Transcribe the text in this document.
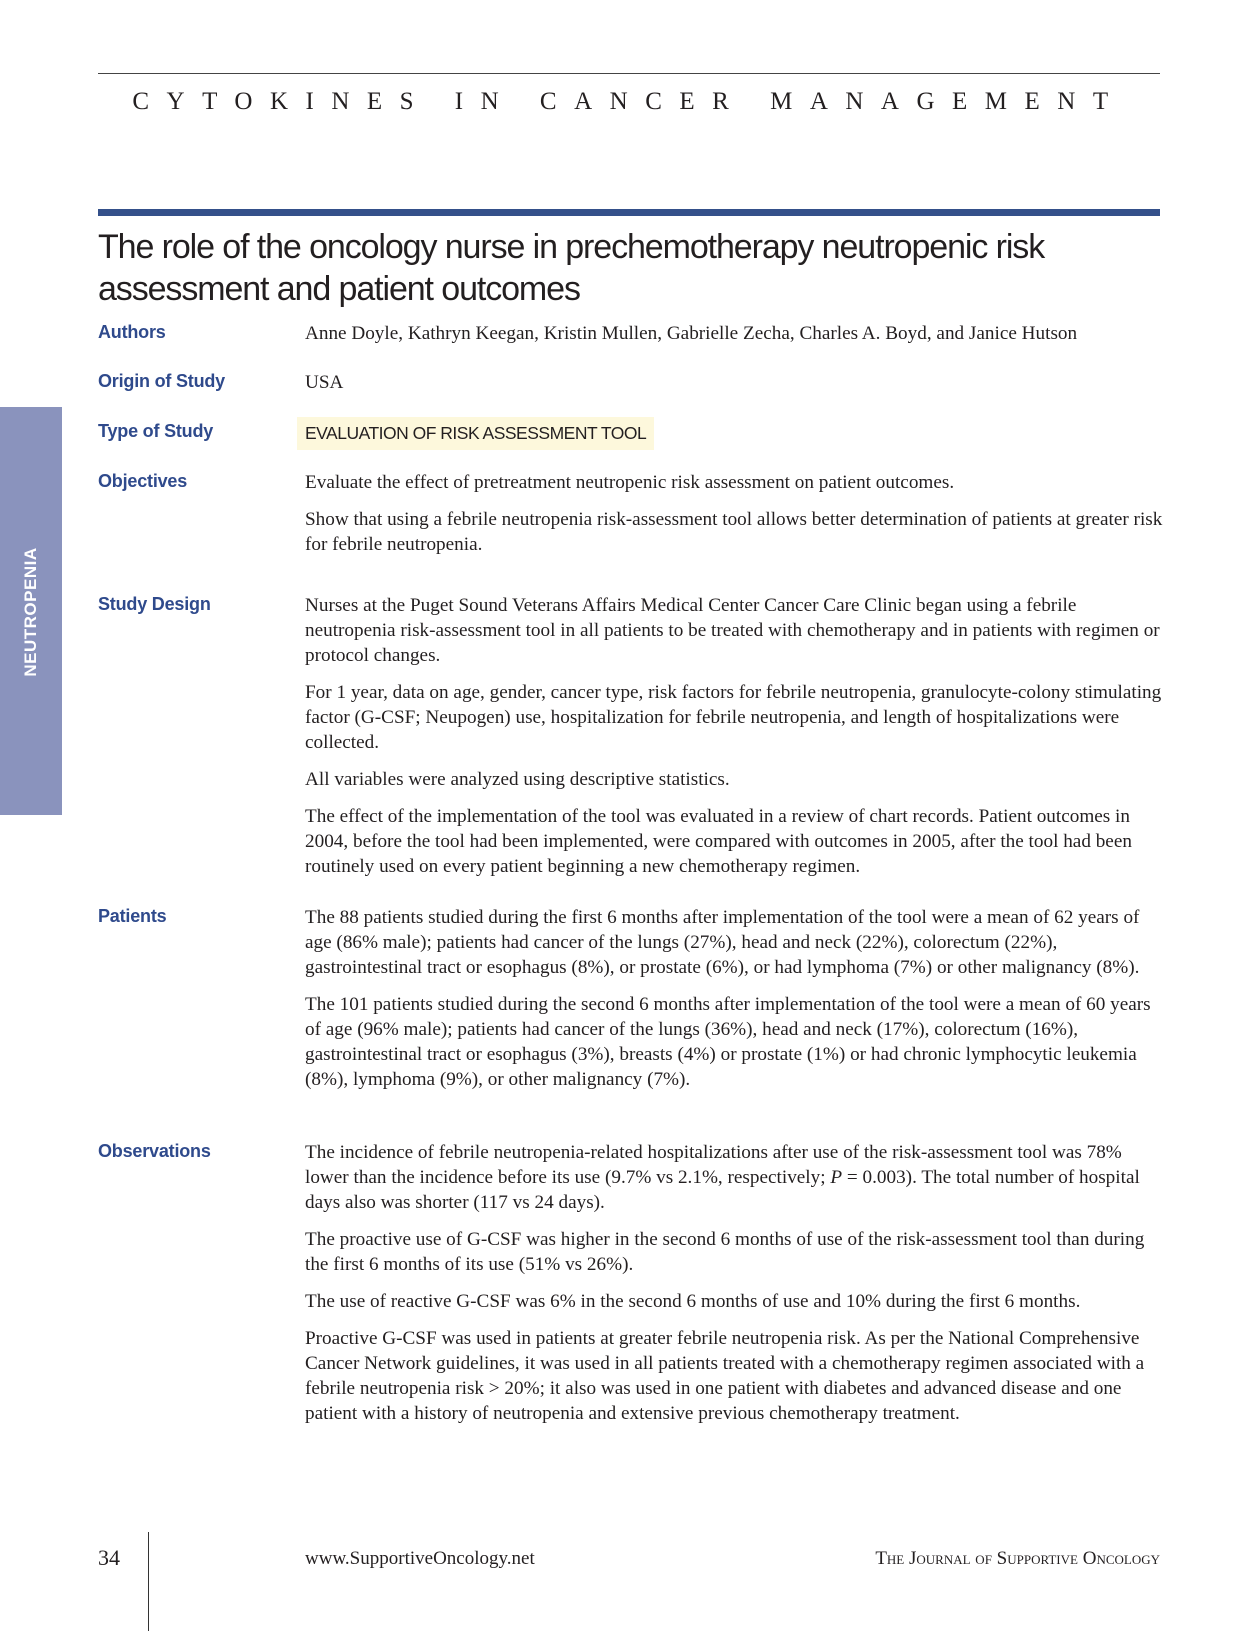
CYTOKINES IN CANCER MANAGEMENT
The role of the oncology nurse in prechemotherapy neutropenic risk assessment and patient outcomes
NEUTROPENIA
Authors	Anne Doyle, Kathryn Keegan, Kristin Mullen, Gabrielle Zecha, Charles A. Boyd, and Janice Hutson
Origin of Study	USA
Type of Study	EVALUATION OF RISK ASSESSMENT TOOL
Objectives	Evaluate the effect of pretreatment neutropenic risk assessment on patient outcomes.

Show that using a febrile neutropenia risk-assessment tool allows better determination of patients at greater risk for febrile neutropenia.

Study Design	Nurses at the Puget Sound Veterans Affairs Medical Center Cancer Care Clinic began using a febrile neutropenia risk-assessment tool in all patients to be treated with chemotherapy and in patients with regimen or protocol changes.

For 1 year, data on age, gender, cancer type, risk factors for febrile neutropenia, granulocyte-colony stimulating factor (G-CSF; Neupogen) use, hospitalization for febrile neutropenia, and length of hospitalizations were collected.

All variables were analyzed using descriptive statistics.

The effect of the implementation of the tool was evaluated in a review of chart records. Patient outcomes in 2004, before the tool had been implemented, were compared with outcomes in 2005, after the tool had been routinely used on every patient beginning a new chemotherapy regimen.

Patients	The 88 patients studied during the first 6 months after implementation of the tool were a mean of 62 years of age (86% male); patients had cancer of the lungs (27%), head and neck (22%), colorectum (22%), gastrointestinal tract or esophagus (8%), or prostate (6%), or had lymphoma (7%) or other malignancy (8%).

The 101 patients studied during the second 6 months after implementation of the tool were a mean of 60 years of age (96% male); patients had cancer of the lungs (36%), head and neck (17%), colorectum (16%), gastrointestinal tract or esophagus (3%), breasts (4%) or prostate (1%) or had chronic lymphocytic leukemia (8%), lymphoma (9%), or other malignancy (7%).

Observations	The incidence of febrile neutropenia-related hospitalizations after use of the risk-assessment tool was 78% lower than the incidence before its use (9.7% vs 2.1%, respectively; P = 0.003). The total number of hospital days also was shorter (117 vs 24 days).

The proactive use of G-CSF was higher in the second 6 months of use of the risk-assessment tool than during the first 6 months of its use (51% vs 26%).

The use of reactive G-CSF was 6% in the second 6 months of use and 10% during the first 6 months.

Proactive G-CSF was used in patients at greater febrile neutropenia risk. As per the National Comprehensive Cancer Network guidelines, it was used in all patients treated with a chemotherapy regimen associated with a febrile neutropenia risk > 20%; it also was used in one patient with diabetes and advanced disease and one patient with a history of neutropenia and extensive previous chemotherapy treatment.

34	www.SupportiveOncology.net	The Journal of Supportive Oncology
